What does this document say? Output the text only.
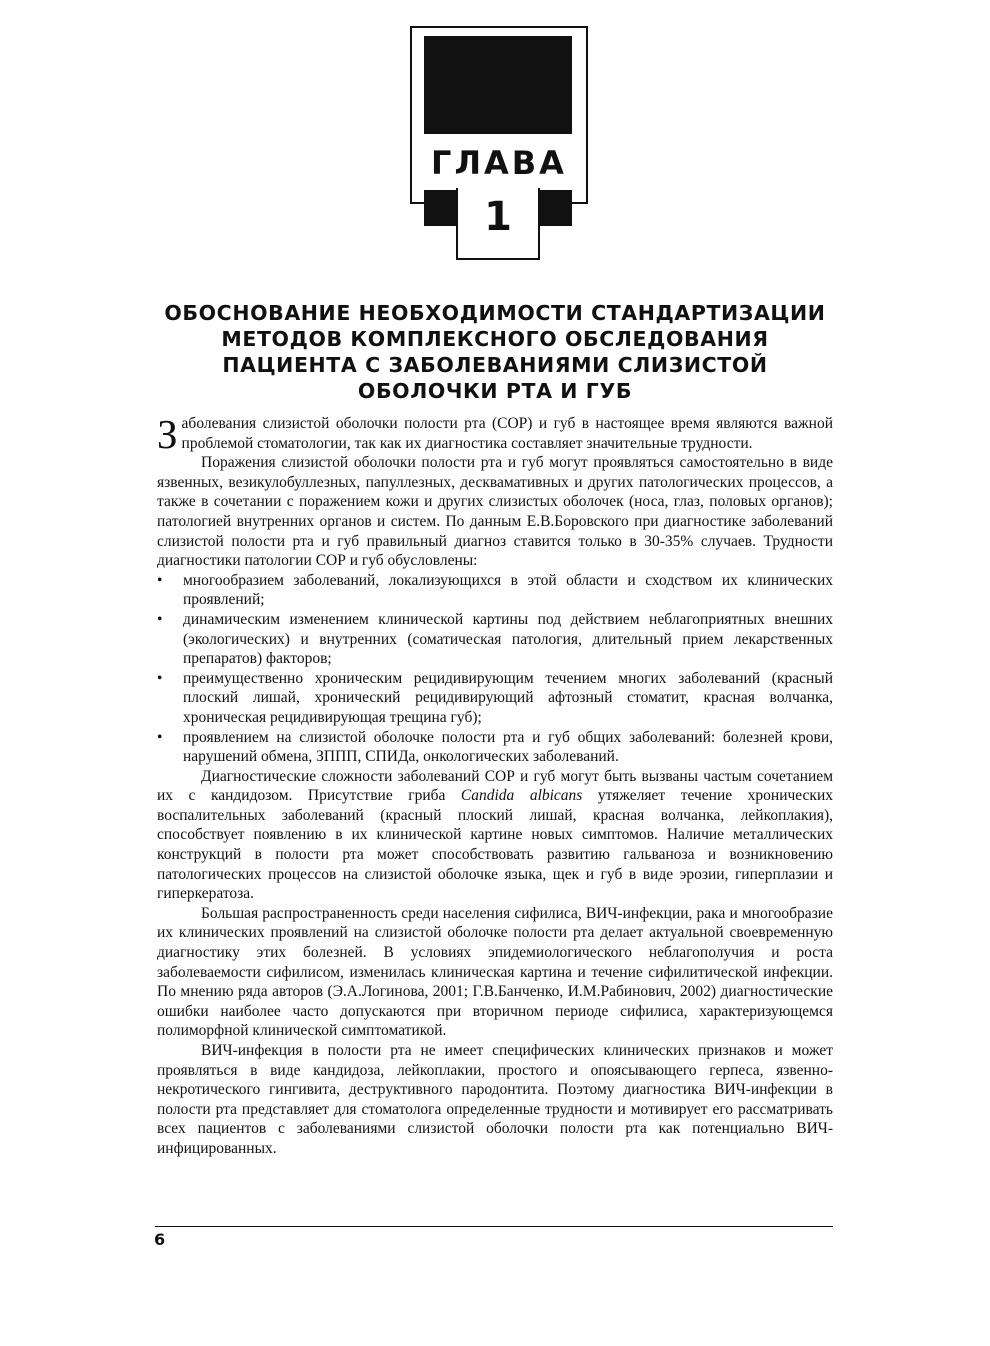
ГЛАВА
1
ОБОСНОВАНИЕ НЕОБХОДИМОСТИ СТАНДАРТИЗАЦИИ
МЕТОДОВ КОМПЛЕКСНОГО ОБСЛЕДОВАНИЯ
ПАЦИЕНТА С ЗАБОЛЕВАНИЯМИ СЛИЗИСТОЙ
ОБОЛОЧКИ РТА И ГУБ

Заболевания слизистой оболочки полости рта (СОР) и губ в настоящее время являются важной проблемой стоматологии, так как их диагностика составляет значительные трудности.

Поражения слизистой оболочки полости рта и губ могут проявляться самостоятельно в виде язвенных, везикулобуллезных, папуллезных, десквамативных и других патологических процессов, а также в сочетании с поражением кожи и других слизистых оболочек (носа, глаз, половых органов); патологией внутренних органов и систем. По данным Е.В.Боровского при диагностике заболеваний слизистой полости рта и губ правильный диагноз ставится только в 30-35% случаев. Трудности диагностики патологии СОР и губ обусловлены:

• многообразием заболеваний, локализующихся в этой области и сходством их клинических проявлений;
• динамическим изменением клинической картины под действием неблагоприятных внешних (экологических) и внутренних (соматическая патология, длительный прием лекарственных препаратов) факторов;
• преимущественно хроническим рецидивирующим течением многих заболеваний (красный плоский лишай, хронический рецидивирующий афтозный стоматит, красная волчанка, хроническая рецидивирующая трещина губ);
• проявлением на слизистой оболочке полости рта и губ общих заболеваний: болезней крови, нарушений обмена, ЗППП, СПИДа, онкологических заболеваний.

Диагностические сложности заболеваний СОР и губ могут быть вызваны частым сочетанием их с кандидозом. Присутствие гриба Candida albicans утяжеляет течение хронических воспалительных заболеваний (красный плоский лишай, красная волчанка, лейкоплакия), способствует появлению в их клинической картине новых симптомов. Наличие металлических конструкций в полости рта может способствовать развитию гальваноза и возникновению патологических процессов на слизистой оболочке языка, щек и губ в виде эрозии, гиперплазии и гиперкератоза.

Большая распространенность среди населения сифилиса, ВИЧ-инфекции, рака и многообразие их клинических проявлений на слизистой оболочке полости рта делает актуальной своевременную диагностику этих болезней. В условиях эпидемиологического неблагополучия и роста заболеваемости сифилисом, изменилась клиническая картина и течение сифилитической инфекции. По мнению ряда авторов (Э.А.Логинова, 2001; Г.В.Банченко, И.М.Рабинович, 2002) диагностические ошибки наиболее часто допускаются при вторичном периоде сифилиса, характеризующемся полиморфной клинической симптоматикой.

ВИЧ-инфекция в полости рта не имеет специфических клинических признаков и может проявляться в виде кандидоза, лейкоплакии, простого и опоясывающего герпеса, язвенно-некротического гингивита, деструктивного пародонтита. Поэтому диагностика ВИЧ-инфекции в полости рта представляет для стоматолога определенные трудности и мотивирует его рассматривать всех пациентов с заболеваниями слизистой оболочки полости рта как потенциально ВИЧ-инфицированных.

6
